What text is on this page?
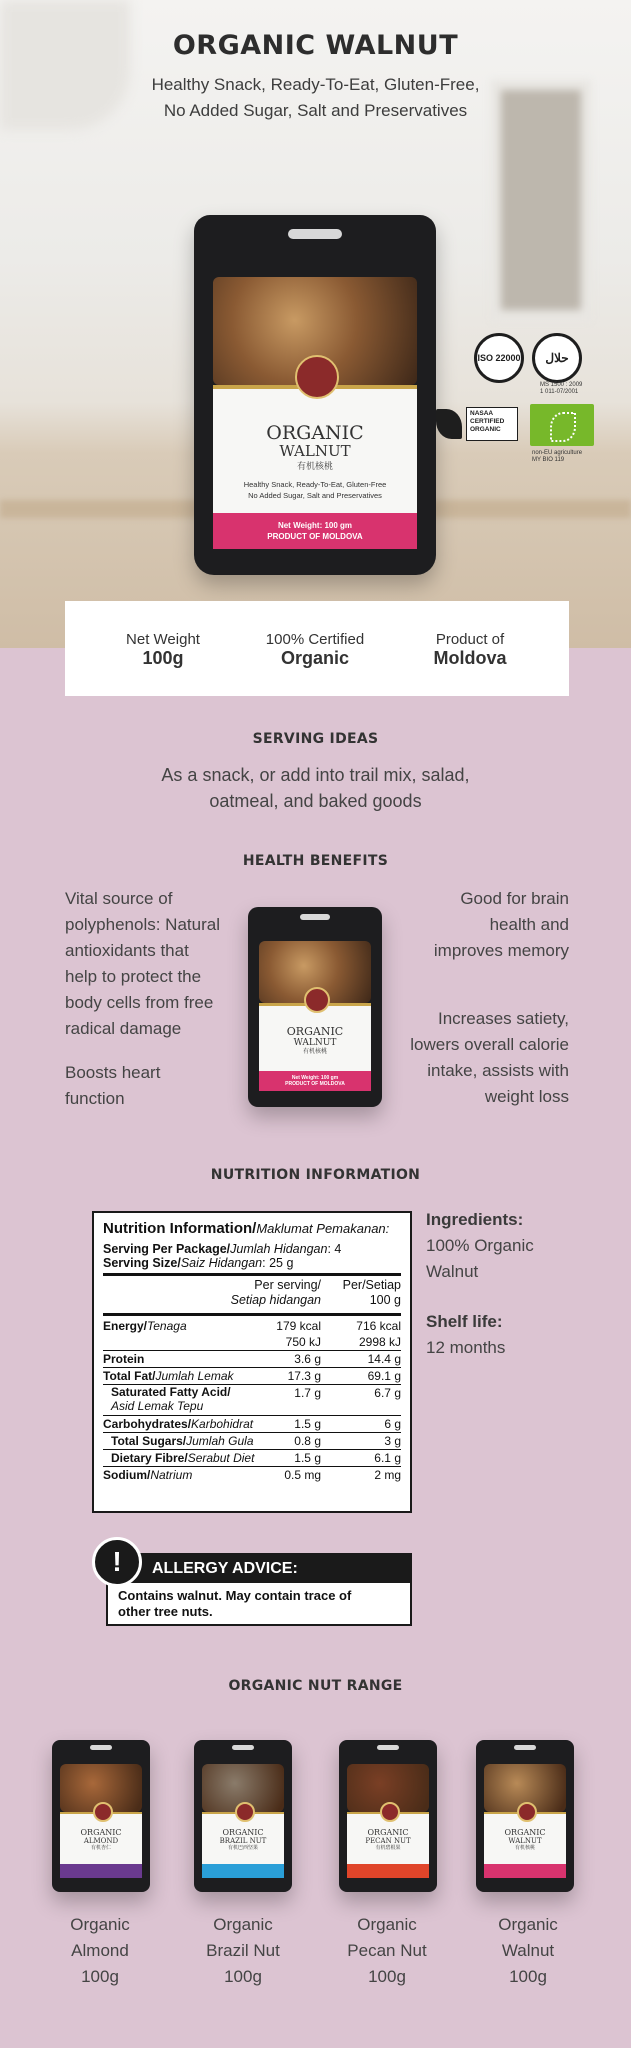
ORGANIC WALNUT
Healthy Snack, Ready-To-Eat, Gluten-Free,
No Added Sugar, Salt and Preservatives
ORGANIC
WALNUT
有机核桃
Healthy Snack, Ready-To-Eat, Gluten-Free
No Added Sugar, Salt and Preservatives
Net Weight: 100 gm
PRODUCT OF MOLDOVA
ISO 22000 حلال
MS 1500 : 2009
1 011-07/2001
NASAA
CERTIFIED
ORGANIC
non-EU agriculture
MY BIO 119
Net Weight
100g
100% Certified
Organic
Product of
Moldova
SERVING IDEAS
As a snack, or add into trail mix, salad,
oatmeal, and baked goods
HEALTH BENEFITS
Vital source of
polyphenols: Natural
antioxidants that
help to protect the
body cells from free
radical damage
Boosts heart
function
Good for brain
health and
improves memory
Increases satiety,
lowers overall calorie
intake, assists with
weight loss
ORGANIC
WALNUT
有机核桃
Net Weight: 100 gm
PRODUCT OF MOLDOVA
NUTRITION INFORMATION
Nutrition Information/Maklumat Pemakanan:
Serving Per Package/Jumlah Hidangan: 4
Serving Size/Saiz Hidangan: 25 g
Per serving/
Setiap hidangan
Per/Setiap
100 g
Energy/Tenaga	179 kcal	716 kcal
750 kJ	2998 kJ
Protein	3.6 g	14.4 g
Total Fat/Jumlah Lemak	17.3 g	69.1 g
Saturated Fatty Acid/
Asid Lemak Tepu
1.7 g	6.7 g
Carbohydrates/Karbohidrat	1.5 g	6 g
Total Sugars/Jumlah Gula	0.8 g	3 g
Dietary Fibre/Serabut Diet	1.5 g	6.1 g
Sodium/Natrium	0.5 mg	2 mg
Ingredients:
100% Organic
Walnut
Shelf life:
12 months
ALLERGY ADVICE:
Contains walnut. May contain trace of
other tree nuts.
!
ORGANIC NUT RANGE
ORGANIC
ALMOND
有机杏仁
Organic
Almond
100g
ORGANIC
BRAZIL NUT
有机巴西坚果
Organic
Brazil Nut
100g
ORGANIC
PECAN NUT
有机碧根果
Organic
Pecan Nut
100g
ORGANIC
WALNUT
有机核桃
Organic
Walnut
100g
